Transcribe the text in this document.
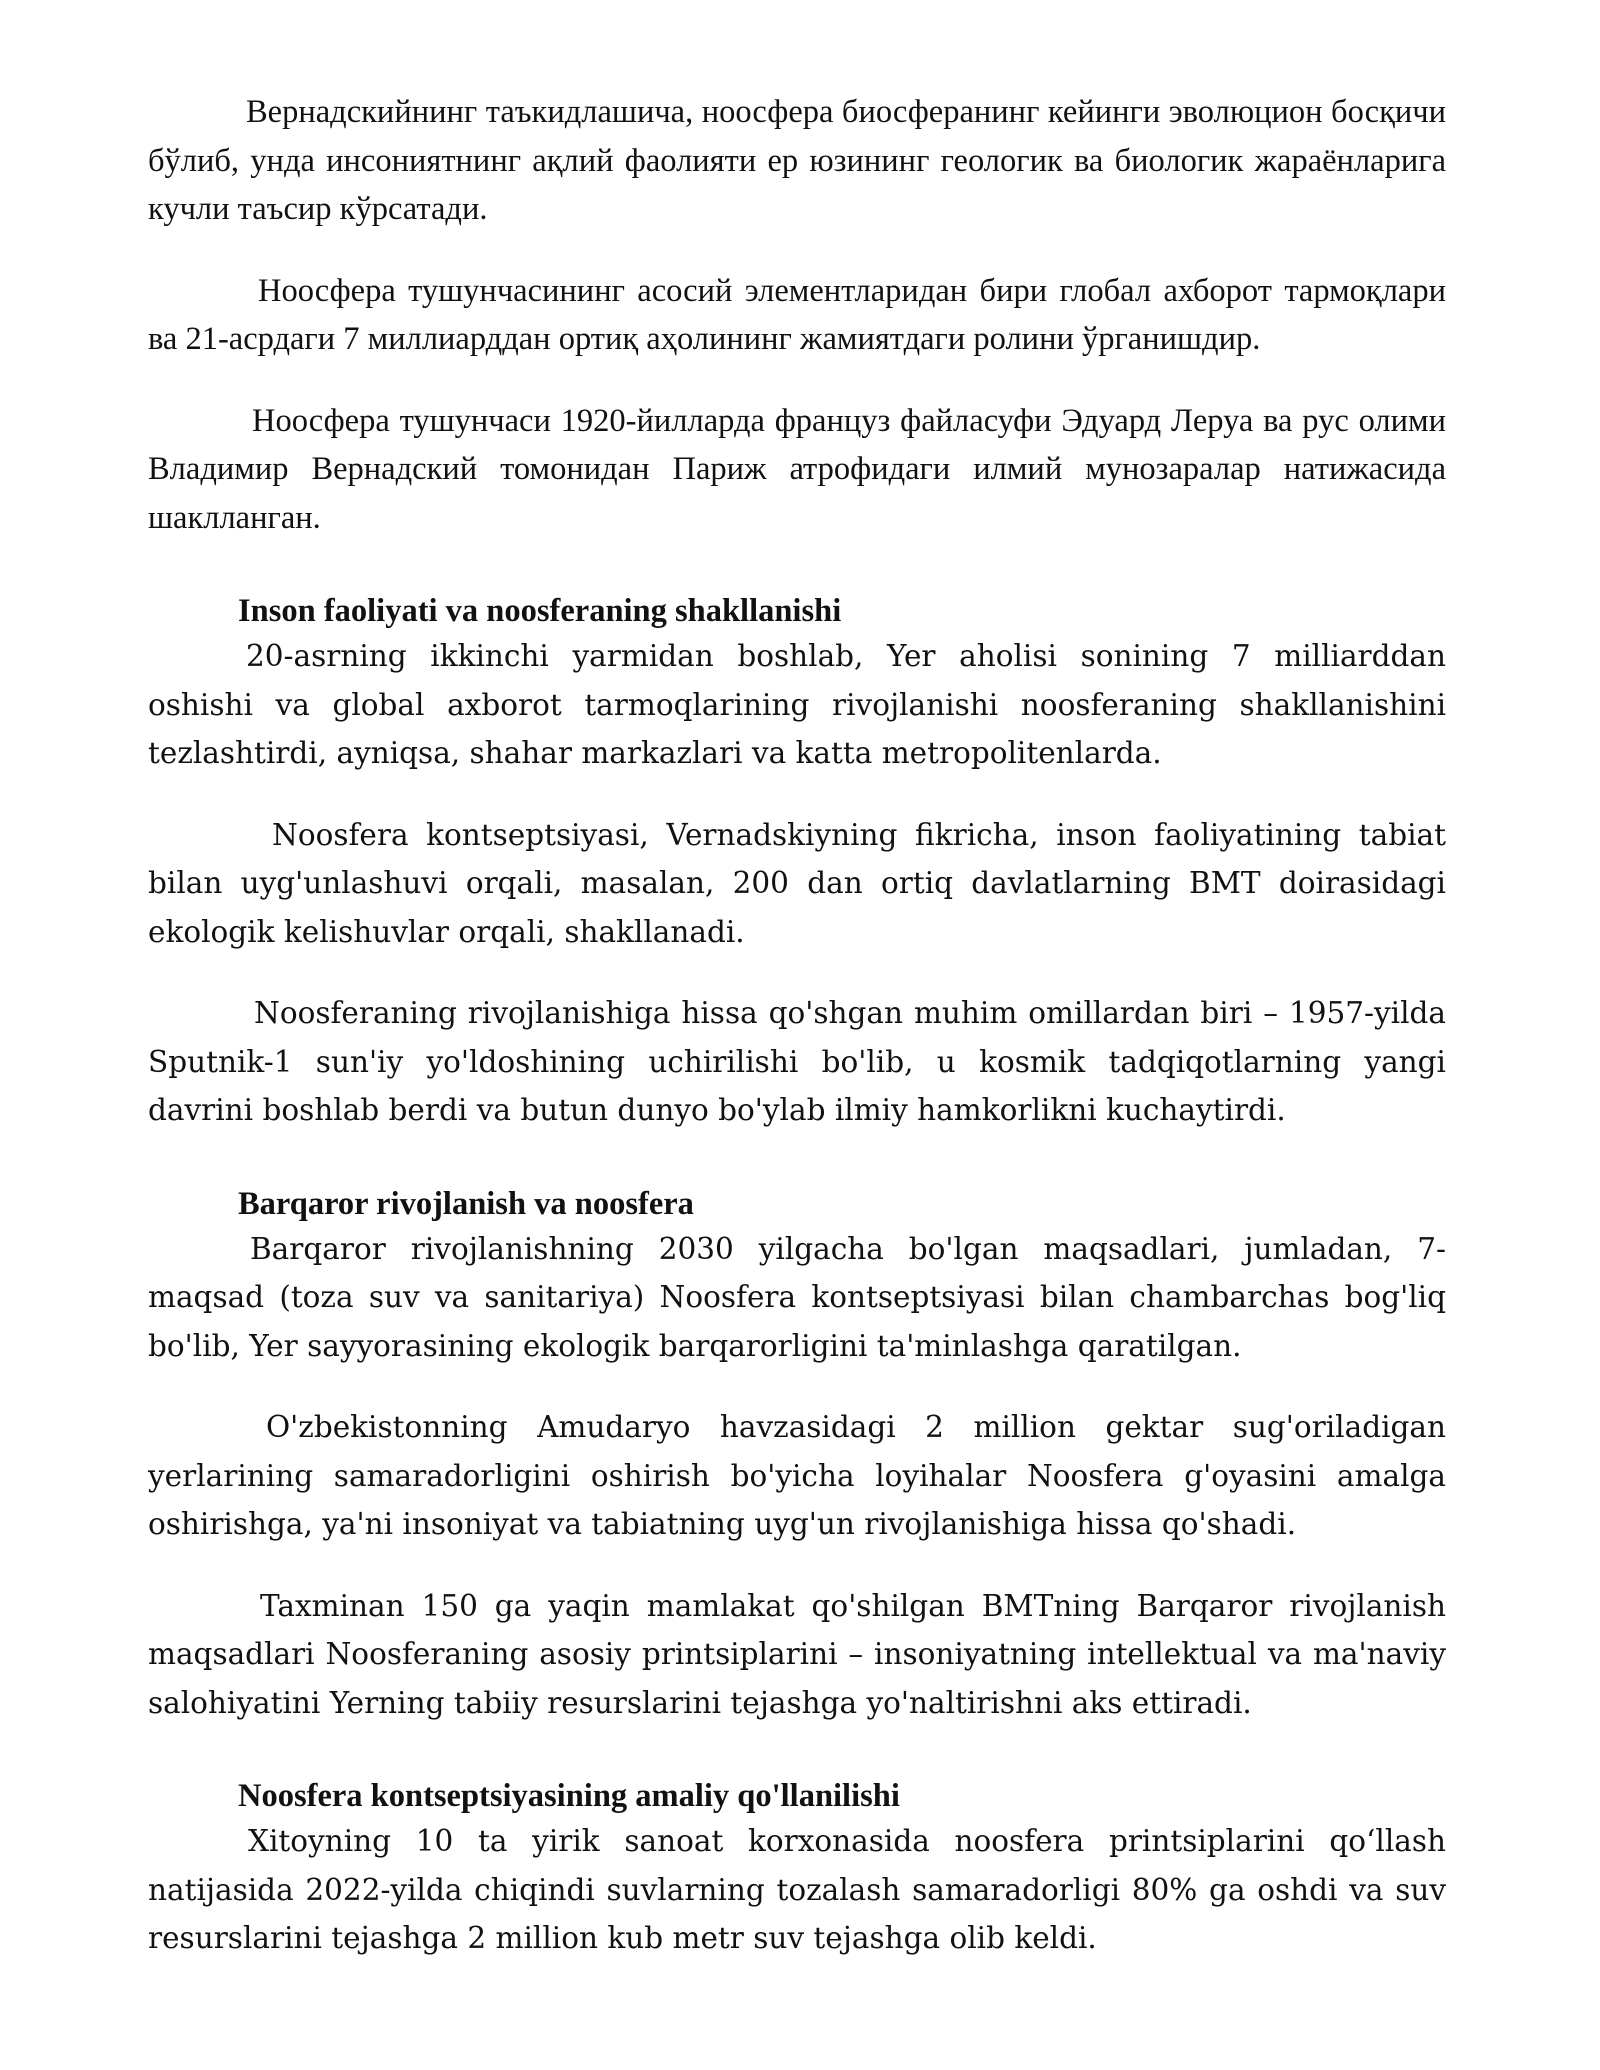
Вернадскийнинг таъкидлашича, ноосфера биосферанинг кейинги эволюцион босқичи бўлиб, унда инсониятнинг ақлий фаолияти ер юзининг геологик ва биологик жараёнларига кучли таъсир кўрсатади.

Ноосфера тушунчасининг асосий элементларидан бири глобал ахборот тармоқлари ва 21-асрдаги 7 миллиарддан ортиқ аҳолининг жамиятдаги ролини ўрганишдир.

Ноосфера тушунчаси 1920-йилларда француз файласуфи Эдуард Леруа ва рус олими Владимир Вернадский томонидан Париж атрофидаги илмий мунозаралар натижасида шаклланган.

Inson faoliyati va noosferaning shakllanishi

20-asrning ikkinchi yarmidan boshlab, Yer aholisi sonining 7 milliarddan oshishi va global axborot tarmoqlarining rivojlanishi noosferaning shakllanishini tezlashtirdi, ayniqsa, shahar markazlari va katta metropolitenlarda.

Noosfera kontseptsiyasi, Vernadskiyning fikricha, inson faoliyatining tabiat bilan uyg'unlashuvi orqali, masalan, 200 dan ortiq davlatlarning BMT doirasidagi ekologik kelishuvlar orqali, shakllanadi.

Noosferaning rivojlanishiga hissa qo'shgan muhim omillardan biri – 1957-yilda Sputnik-1 sun'iy yo'ldoshining uchirilishi bo'lib, u kosmik tadqiqotlarning yangi davrini boshlab berdi va butun dunyo bo'ylab ilmiy hamkorlikni kuchaytirdi.

Barqaror rivojlanish va noosfera

Barqaror rivojlanishning 2030 yilgacha bo'lgan maqsadlari, jumladan, 7-maqsad (toza suv va sanitariya) Noosfera kontseptsiyasi bilan chambarchas bog'liq bo'lib, Yer sayyorasining ekologik barqarorligini ta'minlashga qaratilgan.

O'zbekistonning Amudaryo havzasidagi 2 million gektar sug'oriladigan yerlarining samaradorligini oshirish bo'yicha loyihalar Noosfera g'oyasini amalga oshirishga, ya'ni insoniyat va tabiatning uyg'un rivojlanishiga hissa qo'shadi.

Taxminan 150 ga yaqin mamlakat qo'shilgan BMTning Barqaror rivojlanish maqsadlari Noosferaning asosiy printsiplarini – insoniyatning intellektual va ma'naviy salohiyatini Yerning tabiiy resurslarini tejashga yo'naltirishni aks ettiradi.

Noosfera kontseptsiyasining amaliy qo'llanilishi

Xitoyning 10 ta yirik sanoat korxonasida noosfera printsiplarini qo‘llash natijasida 2022-yilda chiqindi suvlarning tozalash samaradorligi 80% ga oshdi va suv resurslarini tejashga 2 million kub metr suv tejashga olib keldi.
